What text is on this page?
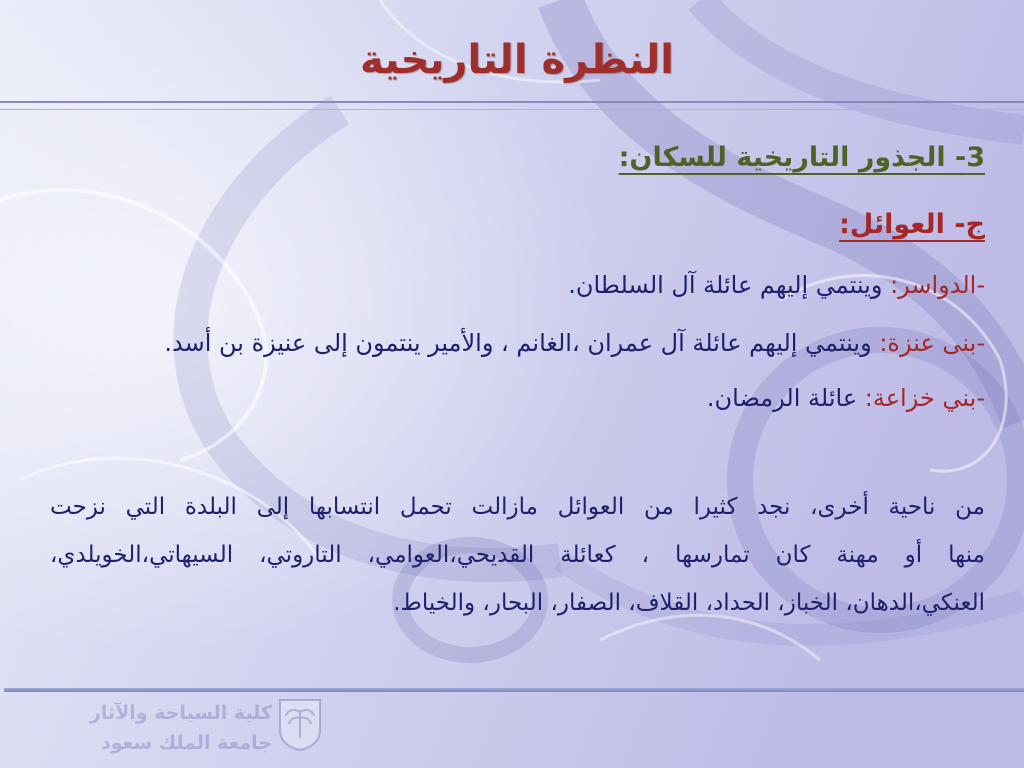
النظرة التاريخية
3- الجذور التاريخية للسكان:
ج- العوائل:
-الدواسر: وينتمي إليهم عائلة آل السلطان.
-بنى عنزة: وينتمي إليهم عائلة آل عمران ،الغانم ، والأمير ينتمون إلى عنيزة بن أسد.
-بني خزاعة: عائلة الرمضان.
من ناحية أخرى، نجد كثيرا من العوائل مازالت تحمل انتسابها إلى البلدة التي نزحت
منها أو مهنة كان تمارسها ، كعائلة القديحي،العوامي، التاروتي، السيهاتي،الخويلدي،
العنكي،الدهان، الخباز، الحداد، القلاف، الصفار، البحار، والخياط.
كلية السياحة والآثار
جامعة الملك سعود
